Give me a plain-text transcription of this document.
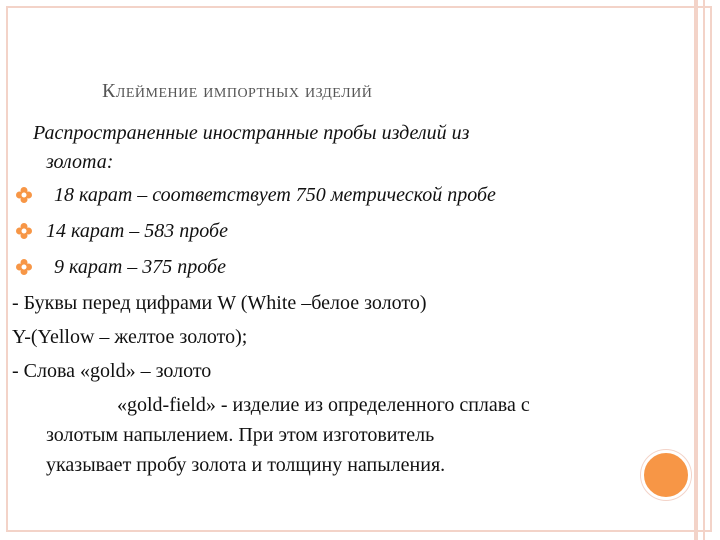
Клеймение импортных изделий
Распространенные иностранные пробы изделий из
золота:
18 карат – соответствует 750 метрической пробе
14 карат – 583 пробе
9 карат – 375 пробе
- Буквы перед цифрами W (White –белое золото)
Y-(Yellow – желтое золото);
- Слова «gold» – золото
«gold-field» - изделие из определенного сплава с
золотым напылением. При этом изготовитель
указывает пробу золота и толщину напыления.
